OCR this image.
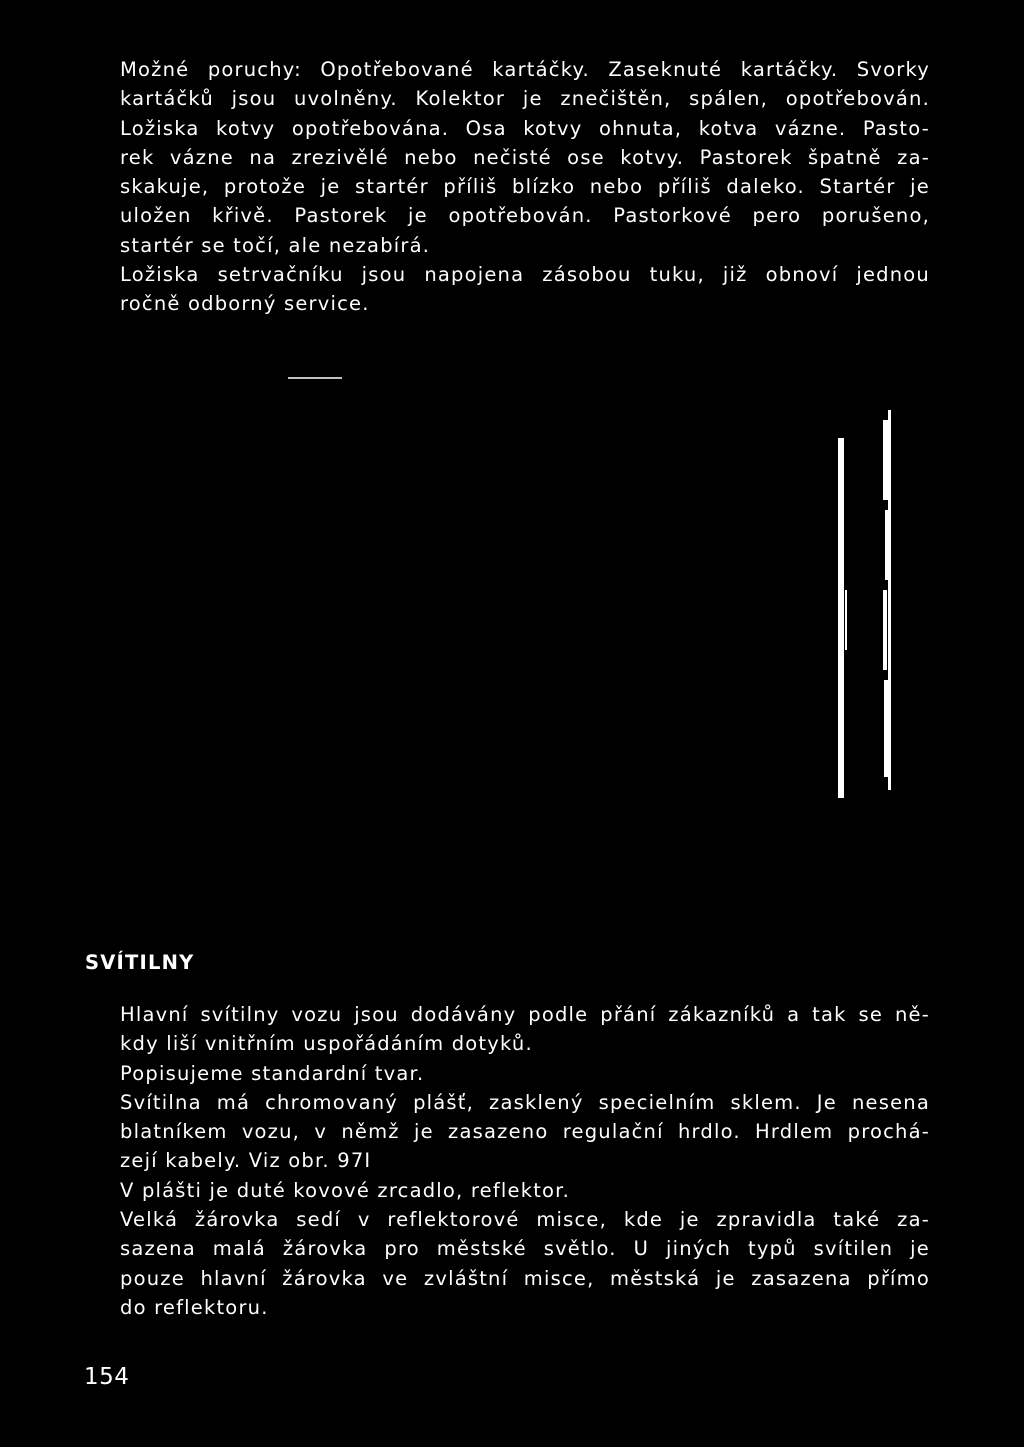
Možné poruchy: Opotřebované kartáčky. Zaseknuté kartáčky. Svorky
kartáčků jsou uvolněny. Kolektor je znečištěn, spálen, opotřebován.
Ložiska kotvy opotřebována. Osa kotvy ohnuta, kotva vázne. Pasto-
rek vázne na zrezivělé nebo nečisté ose kotvy. Pastorek špatně za-
skakuje, protože je startér příliš blízko nebo příliš daleko. Startér je
uložen křivě. Pastorek je opotřebován. Pastorkové pero porušeno,
startér se točí, ale nezabírá.
Ložiska setrvačníku jsou napojena zásobou tuku, již obnoví jednou
ročně odborný service.
SVÍTILNY
Hlavní svítilny vozu jsou dodávány podle přání zákazníků a tak se ně-
kdy liší vnitřním uspořádáním dotyků.
Popisujeme standardní tvar.
Svítilna má chromovaný plášť, zasklený specielním sklem. Je nesena
blatníkem vozu, v němž je zasazeno regulační hrdlo. Hrdlem prochá-
zejí kabely. Viz obr. 97I
V plášti je duté kovové zrcadlo, reflektor.
Velká žárovka sedí v reflektorové misce, kde je zpravidla také za-
sazena malá žárovka pro městské světlo. U jiných typů svítilen je
pouze hlavní žárovka ve zvláštní misce, městská je zasazena přímo
do reflektoru.
154
